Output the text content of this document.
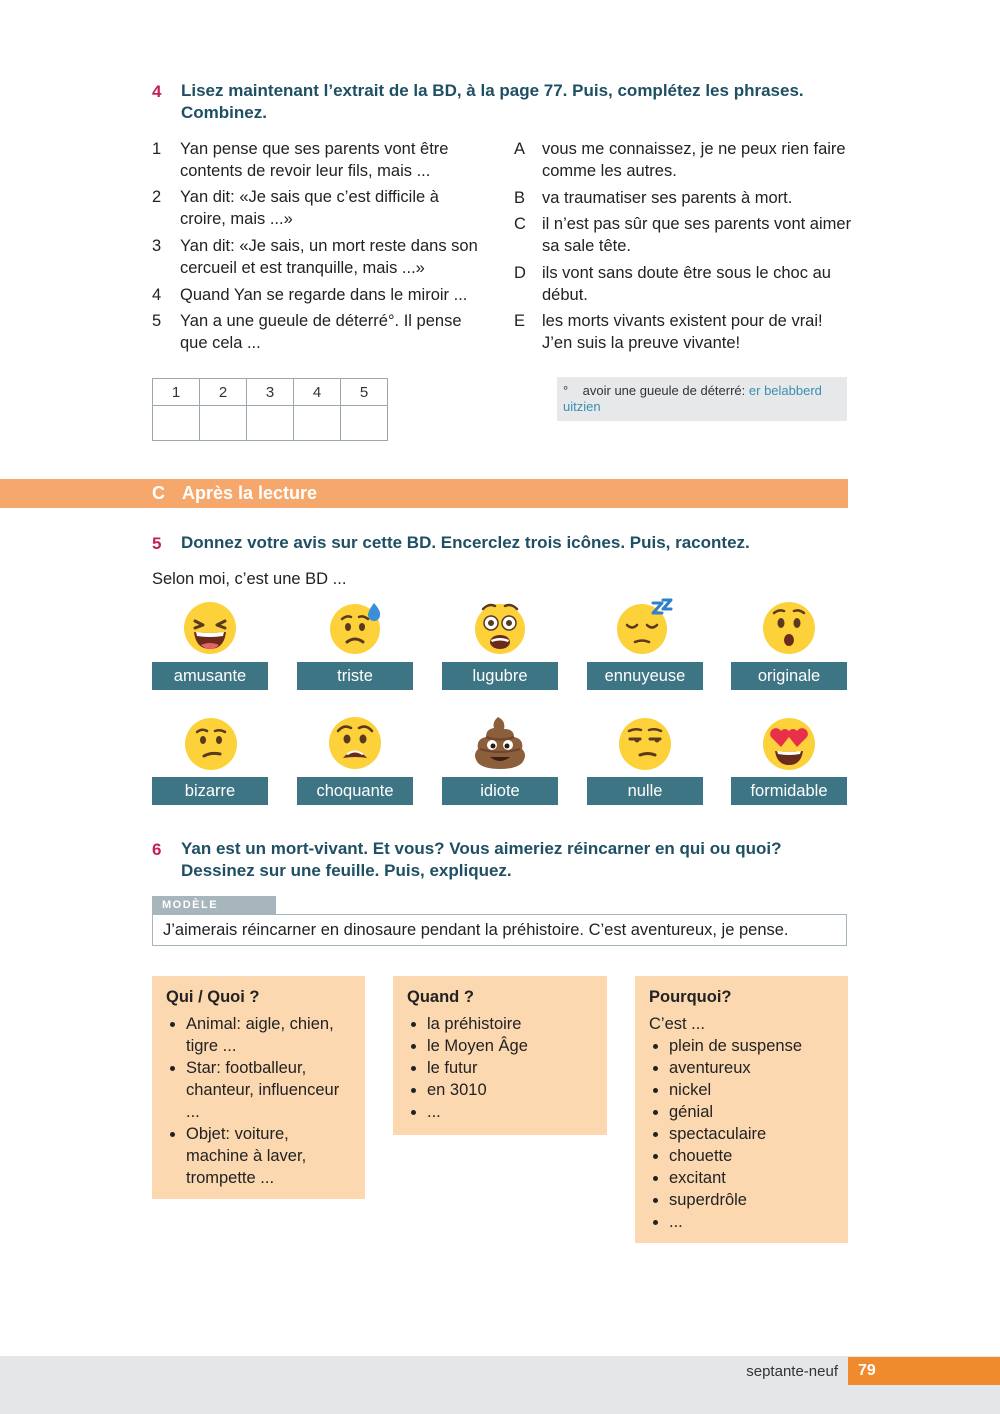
4 Lisez maintenant l’extrait de la BD, à la page 77. Puis, complétez les phrases.
Combinez.
1 Yan pense que ses parents vont être
contents de revoir leur fils, mais ...
2 Yan dit: «Je sais que c’est difficile à
croire, mais ...»
3 Yan dit: «Je sais, un mort reste dans son
cercueil et est tranquille, mais ...»
4 Quand Yan se regarde dans le miroir ...
5 Yan a une gueule de déterré°. Il pense
que cela ...
A vous me connaissez, je ne peux rien faire
comme les autres.
B va traumatiser ses parents à mort.
C il n’est pas sûr que ses parents vont aimer
sa sale tête.
D ils vont sans doute être sous le choc au
début.
E les morts vivants existent pour de vrai!
J’en suis la preuve vivante!
1	2	3	4	5
					° avoir une gueule de déterré: er belabberd uitzien
C Après la lecture
5 Donnez votre avis sur cette BD. Encerclez trois icônes. Puis, racontez.
Selon moi, c’est une BD ...
amusante	triste	lugubre	ennuyeuse	originale
bizarre	choquante	idiote	nulle	formidable
6 Yan est un mort-vivant. Et vous? Vous aimeriez réincarner en qui ou quoi?
Dessinez sur une feuille. Puis, expliquez.
MODÈLE
J’aimerais réincarner en dinosaure pendant la préhistoire. C’est aventureux, je pense.
Qui / Quoi ?
• Animal: aigle, chien, tigre ...
• Star: footballeur, chanteur, influenceur ...
• Objet: voiture, machine à laver, trompette ...
Quand ?
• la préhistoire
• le Moyen Âge
• le futur
• en 3010
• ...
Pourquoi?
C’est ...
• plein de suspense
• aventureux
• nickel
• génial
• spectaculaire
• chouette
• excitant
• superdrôle
• ...
septante-neuf	79
